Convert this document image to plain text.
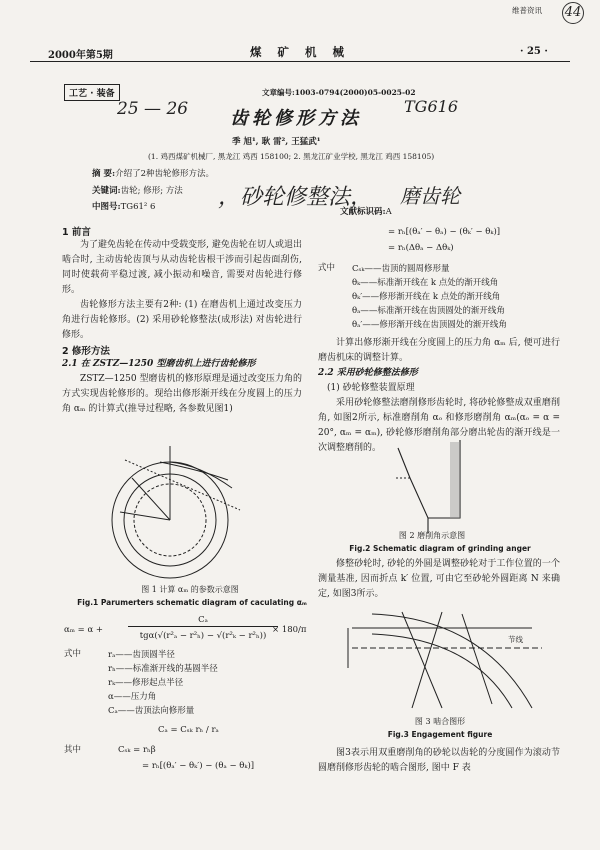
维普资讯 44
2000年第5期	煤 矿 机 械	· 25 ·
工艺 · 装备	文章编号:1003-0794(2000)05-0025-02
25 — 26	TG616
齿轮修形方法
季 旭¹, 耿 雷², 王猛武¹
(1. 鸡西煤矿机械厂, 黑龙江 鸡西 158100; 2. 黑龙江矿业学校, 黑龙江 鸡西 158105)
摘 要:介绍了2种齿轮修形方法。
关键词:齿轮; 修形; 方法
中图号:TG61² 6	，砂轮修整法， 磨齿轮
文献标识码:A
1 前言
为了避免齿轮在传动中受载变形, 避免齿轮在切人或退出啮合时, 主动齿轮齿顶与从动齿轮齿根干涉而引起齿面刮伤, 同时使载荷平稳过渡, 减小振动和噪音, 需要对齿轮进行修形。
齿轮修形方法主要有2种: (1) 在磨齿机上通过改变压力角进行齿轮修形。(2) 采用砂轮修整法(成形法) 对齿轮进行修形。
2 修形方法
2.1 在 ZSTZ—1250 型磨齿机上进行齿轮修形
ZSTZ—1250 型磨齿机的修形原理是通过改变压力角的方式实现齿轮修形的。现给出修形渐开线在分度圆上的压力角 αₘ 的计算式(推导过程略, 各参数见图1)
图 1 计算 αₘ 的参数示意图
Fig.1 Parumerters schematic diagram of caculating αₘ
αₘ = α +
Cₐ
tgα(√(r²ₐ − r²ₕ) − √(r²ₖ − r²ₕ))
× 180/π
式中	rₐ——齿顶圆半径
rₕ——标准渐开线的基圆半径
rₖ——修形起点半径
α——压力角
Cₐ——齿顶法向修形量
Cₐ = Cₛₖ rₕ / rₐ
其中	Cₛₖ = rₕβ
= rₕ[(θₐ′ − θₖ′) − (θₐ − θₖ)]
= rₕ[(θₐ′ − θₐ) − (θₖ′ − θₖ)]
= rₕ(Δθₐ − Δθₖ)
式中 Cₛₖ——齿顶的圆周修形量
θₖ——标准渐开线在 k 点处的渐开线角
θₖ′——修形渐开线在 k 点处的渐开线角
θₐ——标准渐开线在齿顶圆处的渐开线角
θₐ′——修形渐开线在齿顶圆处的渐开线角
计算出修形渐开线在分度圆上的压力角 αₘ 后, 便可进行磨齿机床的调整计算。
2.2 采用砂轮修整法修形
(1) 砂轮修整装置原理
采用砂轮修整法磨削修形齿轮时, 将砂轮修整成双重磨削角, 如图2所示, 标准磨削角 αₒ 和修形磨削角 αₘ(αₒ = α = 20°, αₘ = αₘ), 砂轮修形磨削角部分磨出轮齿的渐开线是一次调整磨削的。
图 2 磨削角示意图
Fig.2 Schematic diagram of grinding anger
修整砂轮时, 砂轮的外圆是调整砂轮对于工作位置的一个测量基准, 因而折点 k′ 位置, 可由它至砂轮外圆距离 N 来确定, 如图3所示。
节线
图 3 啮合图形
Fig.3 Engagement figure
图3表示用双重磨削角的砂轮以齿轮的分度圆作为滚动节圆磨削修形齿轮的啮合图形, 图中 F 表
